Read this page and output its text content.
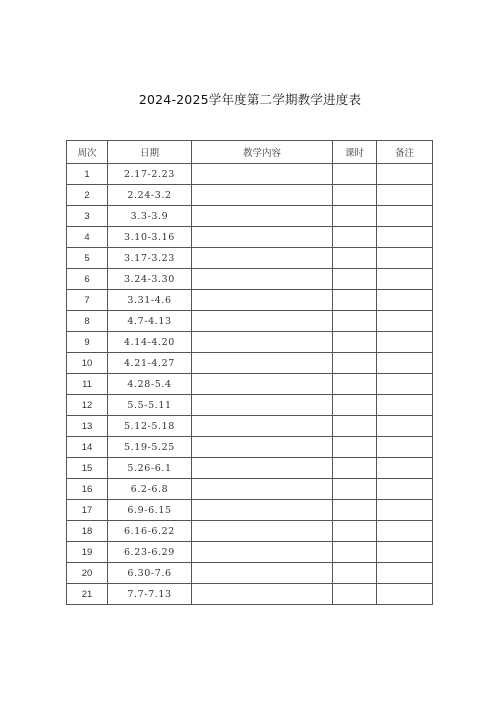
2024-2025学年度第二学期教学进度表
周次	日期	教学内容	课时	备注
1	2.17-2.23			
2	2.24-3.2			
3	3.3-3.9			
4	3.10-3.16			
5	3.17-3.23			
6	3.24-3.30			
7	3.31-4.6			
8	4.7-4.13			
9	4.14-4.20			
10	4.21-4.27			
11	4.28-5.4			
12	5.5-5.11			
13	5.12-5.18			
14	5.19-5.25			
15	5.26-6.1			
16	6.2-6.8			
17	6.9-6.15			
18	6.16-6.22			
19	6.23-6.29			
20	6.30-7.6			
21	7.7-7.13			
